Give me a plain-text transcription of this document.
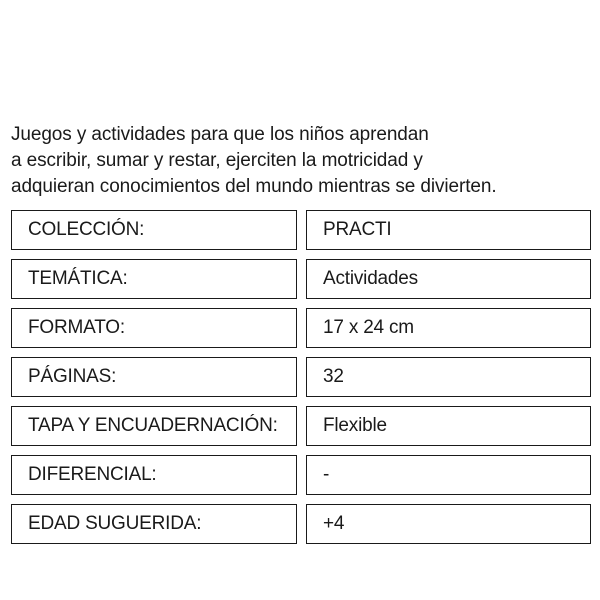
Juegos y actividades para que los niños aprendan
a escribir, sumar y restar, ejerciten la motricidad y
adquieran conocimientos del mundo mientras se divierten.
COLECCIÓN:	PRACTI
TEMÁTICA:	Actividades
FORMATO:	17 x 24 cm
PÁGINAS:	32
TAPA Y ENCUADERNACIÓN:	Flexible
DIFERENCIAL:	-
EDAD SUGUERIDA:	+4
